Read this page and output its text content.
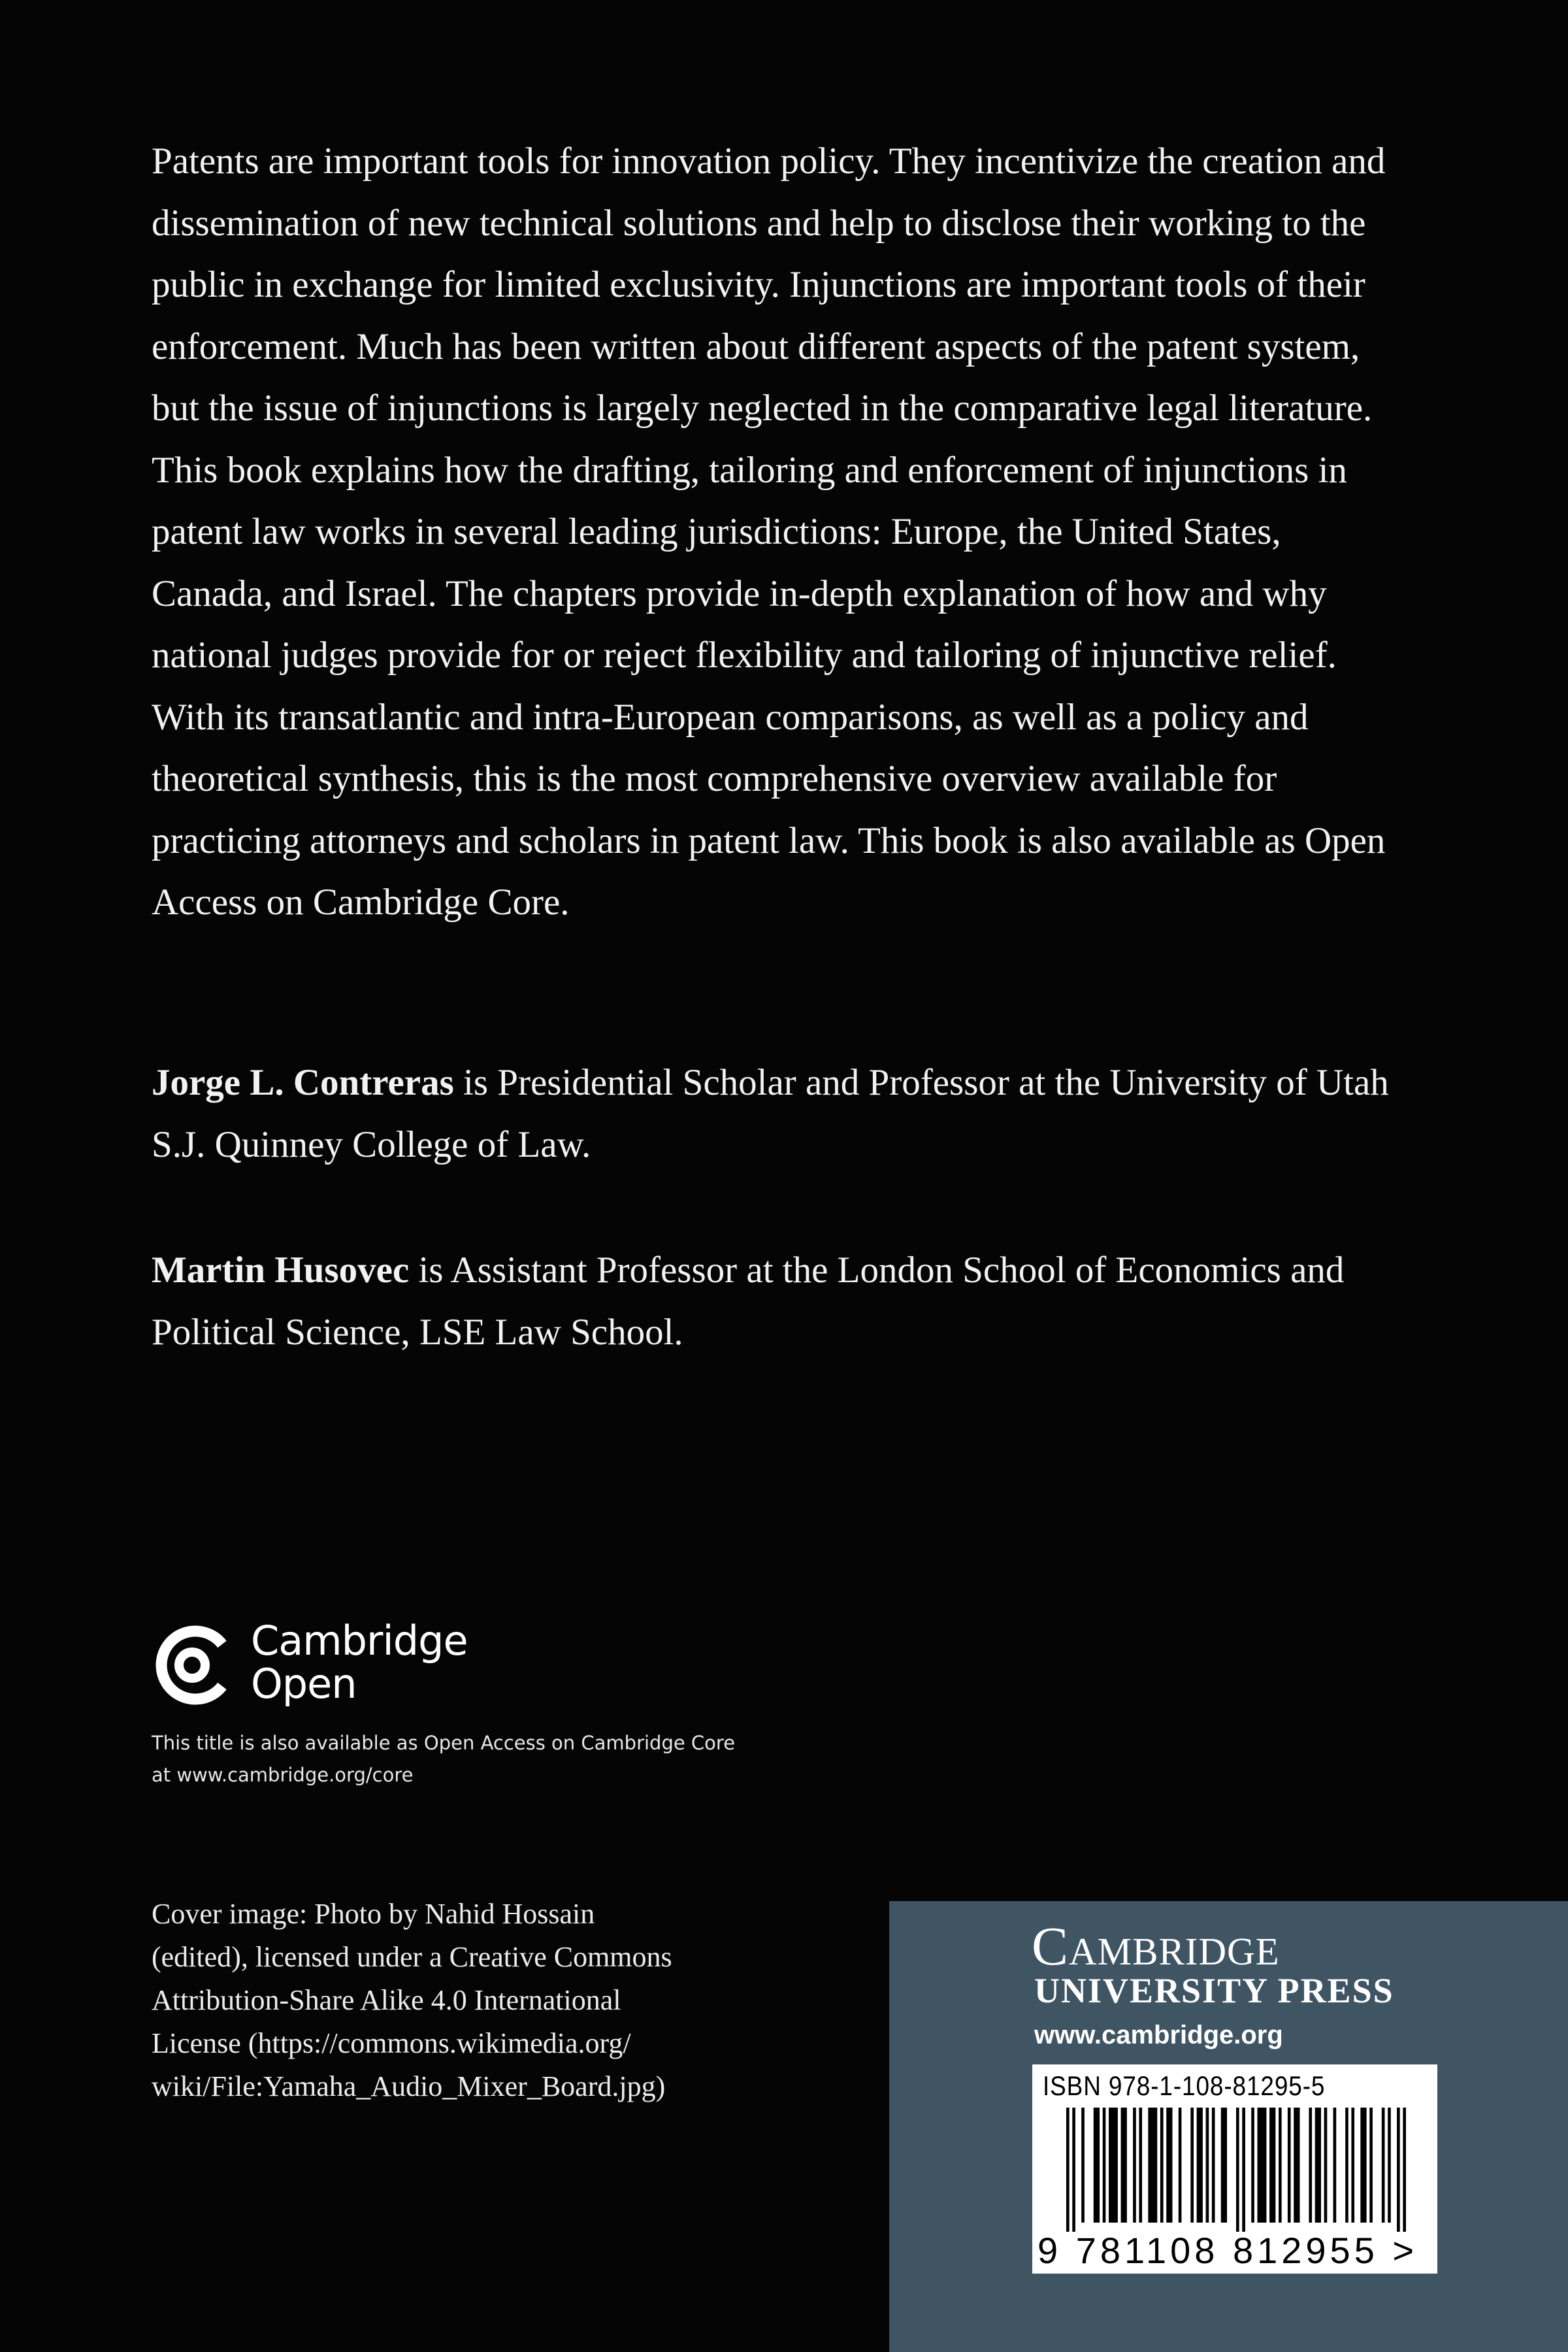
Patents are important tools for innovation policy. They incentivize the creation and dissemination of new technical solutions and help to disclose their working to the public in exchange for limited exclusivity. Injunctions are important tools of their enforcement. Much has been written about different aspects of the patent system, but the issue of injunctions is largely neglected in the comparative legal literature. This book explains how the drafting, tailoring and enforcement of injunctions in patent law works in several leading jurisdictions: Europe, the United States, Canada, and Israel. The chapters provide in-depth explanation of how and why national judges provide for or reject flexibility and tailoring of injunctive relief. With its transatlantic and intra-European comparisons, as well as a policy and theoretical synthesis, this is the most comprehensive overview available for practicing attorneys and scholars in patent law. This book is also available as Open Access on Cambridge Core.

Jorge L. Contreras is Presidential Scholar and Professor at the University of Utah S.J. Quinney College of Law.

Martin Husovec is Assistant Professor at the London School of Economics and Political Science, LSE Law School.

Cambridge
Open
This title is also available as Open Access on Cambridge Core at www.cambridge.org/core
Cover image: Photo by Nahid Hossain
(edited), licensed under a Creative Commons
Attribution-Share Alike 4.0 International
License (https://commons.wikimedia.org/
wiki/File:Yamaha_Audio_Mixer_Board.jpg)
Cambridge
UNIVERSITY PRESS
www.cambridge.org
ISBN 978-1-108-81295-5
9 781108 812955 >
